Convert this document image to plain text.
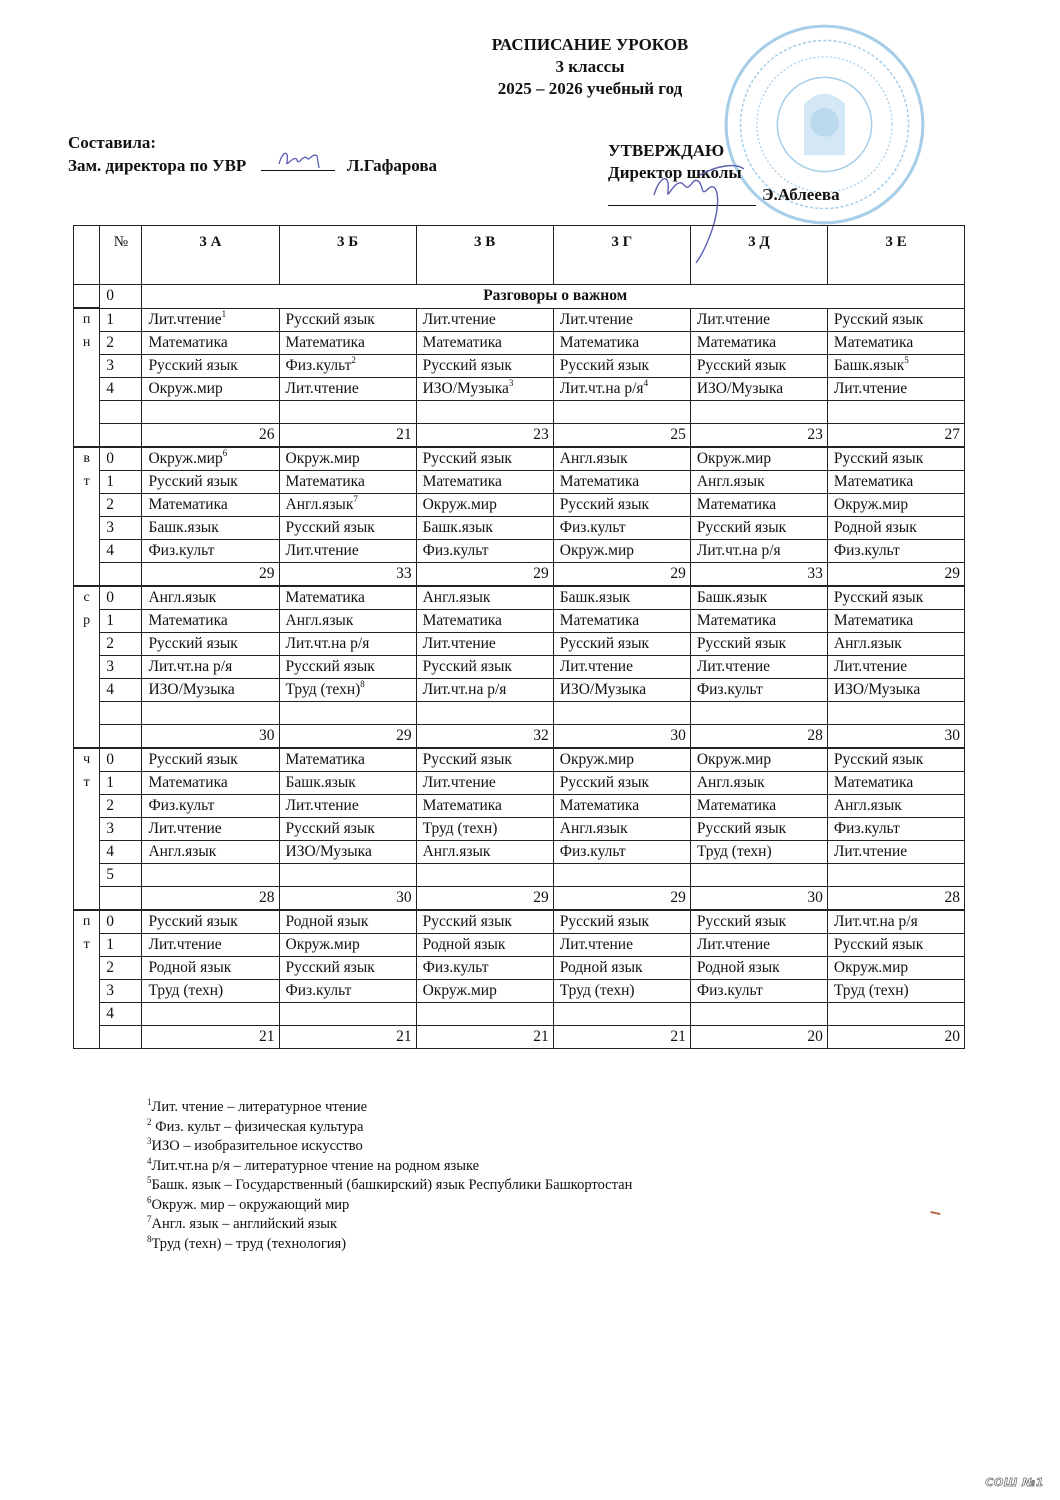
РАСПИСАНИЕ УРОКОВ
3 классы
2025 – 2026 учебный год
Составила:
Зам. директора по УВР	Л.Гафарова
УТВЕРЖДАЮ
Директор школы
Э.Аблеева
	№	3 А	3 Б	3 В	3 Г	3 Д	3 Е
	0	Разговоры о важном					
п	1	Лит.чтение$^1$	Русский язык	Лит.чтение	Лит.чтение	Лит.чтение	Русский язык
н	2	Математика	Математика	Математика	Математика	Математика	Математика
	3	Русский язык	Физ.культ$^2$	Русский язык	Русский язык	Русский язык	Башк.язык$^5$
	4	Окруж.мир	Лит.чтение	ИЗО/Музыка$^3$	Лит.чт.на $р/я^4$	ИЗО/Музыка	Лит.чтение

		26	21	23	25	23	27
в	0	Окруж.мир$^6$	Окруж.мир	Русский язык	Англ.язык	Окруж.мир	Русский язык
т	1	Русский язык	Математика	Математика	Математика	Англ.язык	Математика
	2	Математика	Англ.язык$^7$	Окруж.мир	Русский язык	Математика	Окруж.мир
	3	Башк.язык	Русский язык	Башк.язык	Физ.культ	Русский язык	Родной язык
	4	Физ.культ	Лит.чтение	Физ.культ	Окруж.мир	Лит.чт.на р/я	Физ.культ
		29	33	29	29	33	29
с	0	Англ.язык	Математика	Англ.язык	Башк.язык	Башк.язык	Русский язык
р	1	Математика	Англ.язык	Математика	Математика	Математика	Математика
	2	Русский язык	Лит.чт.на р/я	Лит.чтение	Русский язык	Русский язык	Англ.язык
	3	Лит.чт.на р/я	Русский язык	Русский язык	Лит.чтение	Лит.чтение	Лит.чтение
	4	ИЗО/Музыка	Труд (техн)$^8$	Лит.чт.на р/я	ИЗО/Музыка	Физ.культ	ИЗО/Музыка

		30	29	32	30	28	30
ч	0	Русский язык	Математика	Русский язык	Окруж.мир	Окруж.мир	Русский язык
т	1	Математика	Башк.язык	Лит.чтение	Русский язык	Англ.язык	Математика
	2	Физ.культ	Лит.чтение	Математика	Математика	Математика	Англ.язык
	3	Лит.чтение	Русский язык	Труд (техн)	Англ.язык	Русский язык	Физ.культ
	4	Англ.язык	ИЗО/Музыка	Англ.язык	Физ.культ	Труд (техн)	Лит.чтение
	5						
		28	30	29	29	30	28
п	0	Русский язык	Родной язык	Русский язык	Русский язык	Русский язык	Лит.чт.на р/я
т	1	Лит.чтение	Окруж.мир	Родной язык	Лит.чтение	Лит.чтение	Русский язык
	2	Родной язык	Русский язык	Физ.культ	Родной язык	Родной язык	Окруж.мир
	3	Труд (техн)	Физ.культ	Окруж.мир	Труд (техн)	Физ.культ	Труд (техн)
	4						
		21	21	21	21	20	20
$^1$Лит. чтение – литературное чтение
$^2$ Физ. культ – физическая культура
$^3$ИЗО – изобразительное искусство
$^4$Лит.чт.на р/я – литературное чтение на родном языке
$^5$Башк. язык – Государственный (башкирский) язык Республики Башкортостан
$^6$Окруж. мир – окружающий мир
$^7$Англ. язык – английский язык
$^8$Труд (техн) – труд (технология)
СОШ №1
